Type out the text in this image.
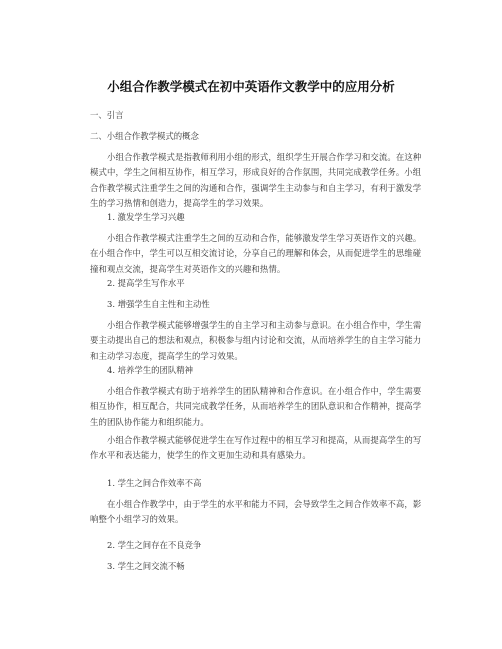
小组合作教学模式在初中英语作文教学中的应用分析

一、引言

二、小组合作教学模式的概念

小组合作教学模式是指教师利用小组的形式，组织学生开展合作学习和交流。在这种
模式中，学生之间相互协作，相互学习，形成良好的合作氛围，共同完成教学任务。小组
合作教学模式注重学生之间的沟通和合作，强调学生主动参与和自主学习，有利于激发学
生的学习热情和创造力，提高学生的学习效果。

1. 激发学生学习兴趣

小组合作教学模式注重学生之间的互动和合作，能够激发学生学习英语作文的兴趣。
在小组合作中，学生可以互相交流讨论，分享自己的理解和体会，从而促进学生的思维碰
撞和观点交流，提高学生对英语作文的兴趣和热情。

2. 提高学生写作水平

3. 增强学生自主性和主动性

小组合作教学模式能够增强学生的自主学习和主动参与意识。在小组合作中，学生需
要主动提出自己的想法和观点，积极参与组内讨论和交流，从而培养学生的自主学习能力
和主动学习态度，提高学生的学习效果。

4. 培养学生的团队精神

小组合作教学模式有助于培养学生的团队精神和合作意识。在小组合作中，学生需要
相互协作，相互配合，共同完成教学任务，从而培养学生的团队意识和合作精神，提高学
生的团队协作能力和组织能力。

小组合作教学模式能够促进学生在写作过程中的相互学习和提高，从而提高学生的写
作水平和表达能力，使学生的作文更加生动和具有感染力。

1. 学生之间合作效率不高

在小组合作教学中，由于学生的水平和能力不同，会导致学生之间合作效率不高，影
响整个小组学习的效果。

2. 学生之间存在不良竞争

3. 学生之间交流不畅
